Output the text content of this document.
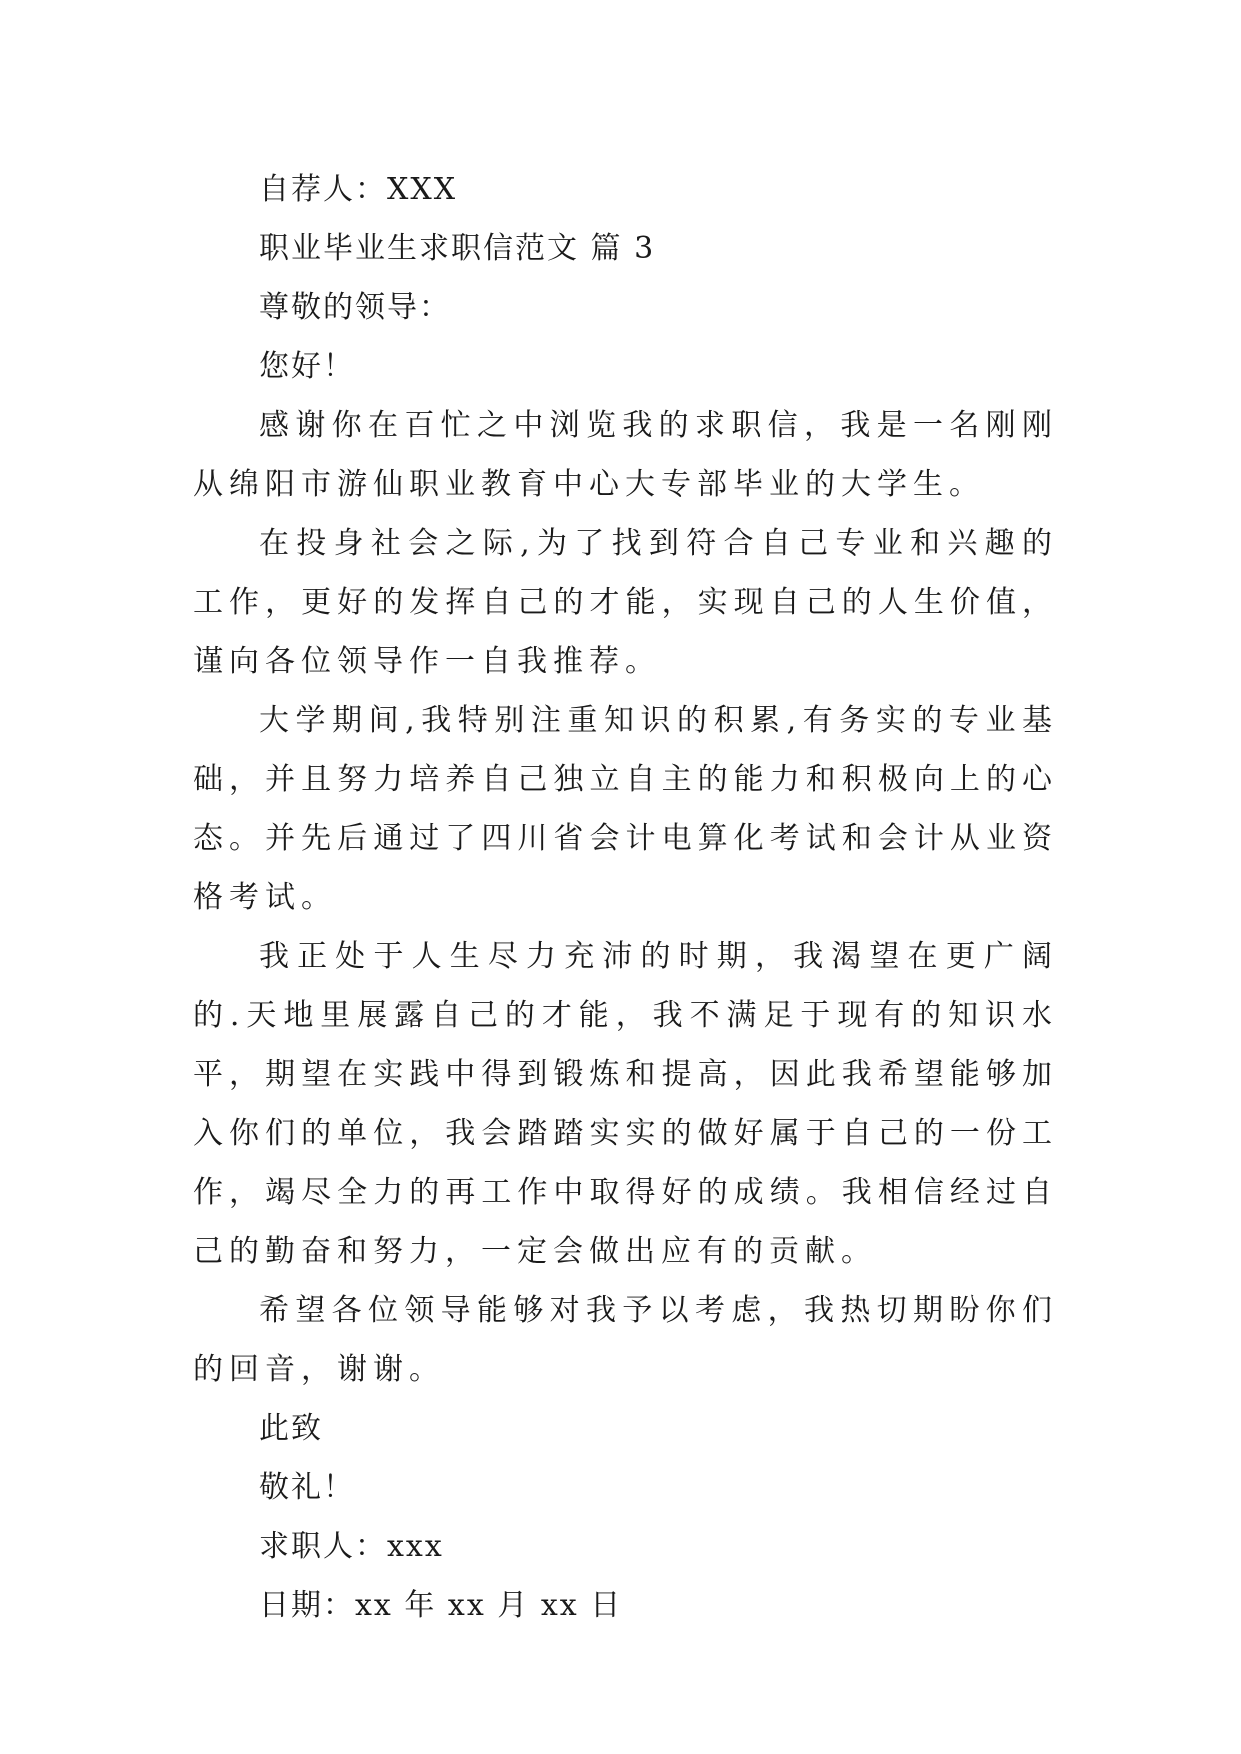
自荐人：XXX
职业毕业生求职信范文 篇 3
尊敬的领导：
您好！

感谢你在百忙之中浏览我的求职信，我是一名刚刚从绵阳市游仙职业教育中心大专部毕业的大学生。

在投身社会之际,为了找到符合自己专业和兴趣的工作，更好的发挥自己的才能，实现自己的人生价值，谨向各位领导作一自我推荐。

大学期间,我特别注重知识的积累,有务实的专业基础，并且努力培养自己独立自主的能力和积极向上的心态。并先后通过了四川省会计电算化考试和会计从业资格考试。

我正处于人生尽力充沛的时期，我渴望在更广阔的.天地里展露自己的才能，我不满足于现有的知识水平，期望在实践中得到锻炼和提高，因此我希望能够加入你们的单位，我会踏踏实实的做好属于自己的一份工作，竭尽全力的再工作中取得好的成绩。我相信经过自己的勤奋和努力，一定会做出应有的贡献。

希望各位领导能够对我予以考虑，我热切期盼你们的回音，谢谢。

此致
敬礼！
求职人：xxx
日期：xx 年 xx 月 xx 日
